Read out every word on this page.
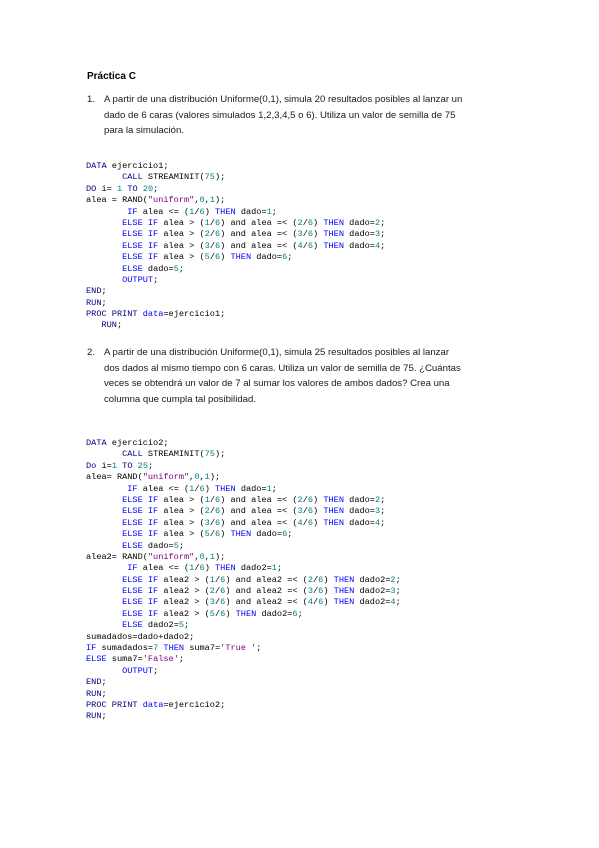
Práctica C
1. A partir de una distribución Uniforme(0,1), simula 20 resultados posibles al lanzar un
dado de 6 caras (valores simulados 1,2,3,4,5 o 6). Utiliza un valor de semilla de 75
para la simulación.
DATA ejercicio1;
CALL STREAMINIT(75);
DO i= 1 TO 20;
alea = RAND("uniform",0,1);
IF alea <= (1/6) THEN dado=1;
ELSE IF alea > (1/6) and alea =< (2/6) THEN dado=2;
ELSE IF alea > (2/6) and alea =< (3/6) THEN dado=3;
ELSE IF alea > (3/6) and alea =< (4/6) THEN dado=4;
ELSE IF alea > (5/6) THEN dado=6;
ELSE dado=5;
OUTPUT;
END;
RUN;
PROC PRINT data=ejercicio1;
RUN;
2. A partir de una distribución Uniforme(0,1), simula 25 resultados posibles al lanzar
dos dados al mismo tiempo con 6 caras. Utiliza un valor de semilla de 75. ¿Cuántas
veces se obtendrá un valor de 7 al sumar los valores de ambos dados? Crea una
columna que cumpla tal posibilidad.
DATA ejercicio2;
CALL STREAMINIT(75);
Do i=1 TO 25;
alea= RAND("uniform",0,1);
IF alea <= (1/6) THEN dado=1;
ELSE IF alea > (1/6) and alea =< (2/6) THEN dado=2;
ELSE IF alea > (2/6) and alea =< (3/6) THEN dado=3;
ELSE IF alea > (3/6) and alea =< (4/6) THEN dado=4;
ELSE IF alea > (5/6) THEN dado=6;
ELSE dado=5;
alea2= RAND("uniform",0,1);
IF alea <= (1/6) THEN dado2=1;
ELSE IF alea2 > (1/6) and alea2 =< (2/6) THEN dado2=2;
ELSE IF alea2 > (2/6) and alea2 =< (3/6) THEN dado2=3;
ELSE IF alea2 > (3/6) and alea2 =< (4/6) THEN dado2=4;
ELSE IF alea2 > (5/6) THEN dado2=6;
ELSE dado2=5;
sumadados=dado+dado2;
IF sumadados=7 THEN suma7='True ';
ELSE suma7='False';
OUTPUT;
END;
RUN;
PROC PRINT data=ejercicio2;
RUN;
